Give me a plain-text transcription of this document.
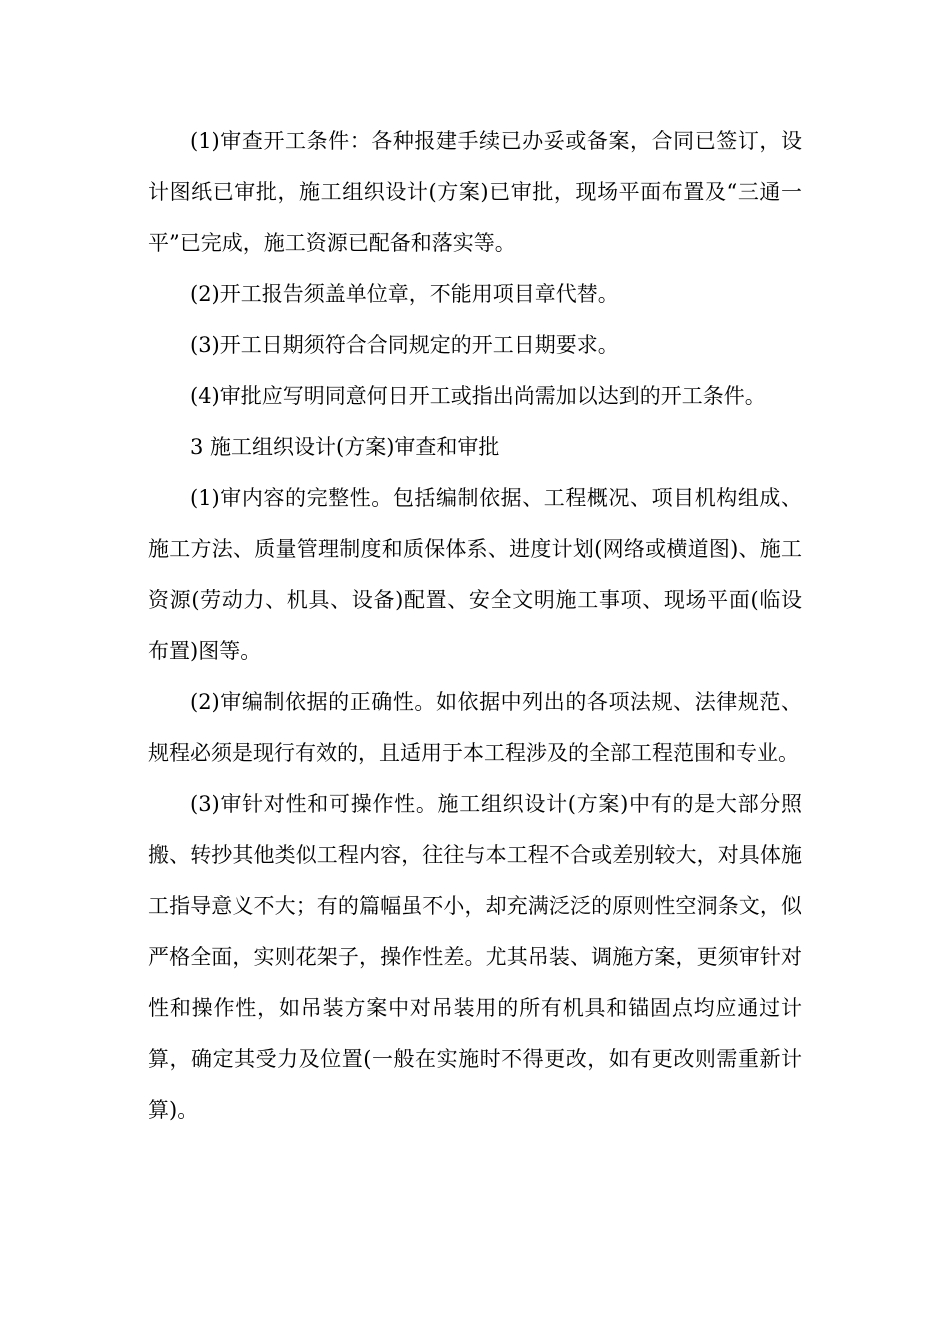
(1)审查开工条件：各种报建手续已办妥或备案，合同已签订，设计图纸已审批，施工组织设计(方案)已审批，现场平面布置及“三通一平”已完成，施工资源已配备和落实等。

(2)开工报告须盖单位章，不能用项目章代替。

(3)开工日期须符合合同规定的开工日期要求。

(4)审批应写明同意何日开工或指出尚需加以达到的开工条件。

3 施工组织设计(方案)审查和审批

(1)审内容的完整性。包括编制依据、工程概况、项目机构组成、施工方法、质量管理制度和质保体系、进度计划(网络或横道图)、施工资源(劳动力、机具、设备)配置、安全文明施工事项、现场平面(临设布置)图等。

(2)审编制依据的正确性。如依据中列出的各项法规、法律规范、规程必须是现行有效的，且适用于本工程涉及的全部工程范围和专业。

(3)审针对性和可操作性。施工组织设计(方案)中有的是大部分照搬、转抄其他类似工程内容，往往与本工程不合或差别较大，对具体施工指导意义不大；有的篇幅虽不小，却充满泛泛的原则性空洞条文，似严格全面，实则花架子，操作性差。尤其吊装、调施方案，更须审针对性和操作性，如吊装方案中对吊装用的所有机具和锚固点均应通过计算，确定其受力及位置(一般在实施时不得更改，如有更改则需重新计算)。
